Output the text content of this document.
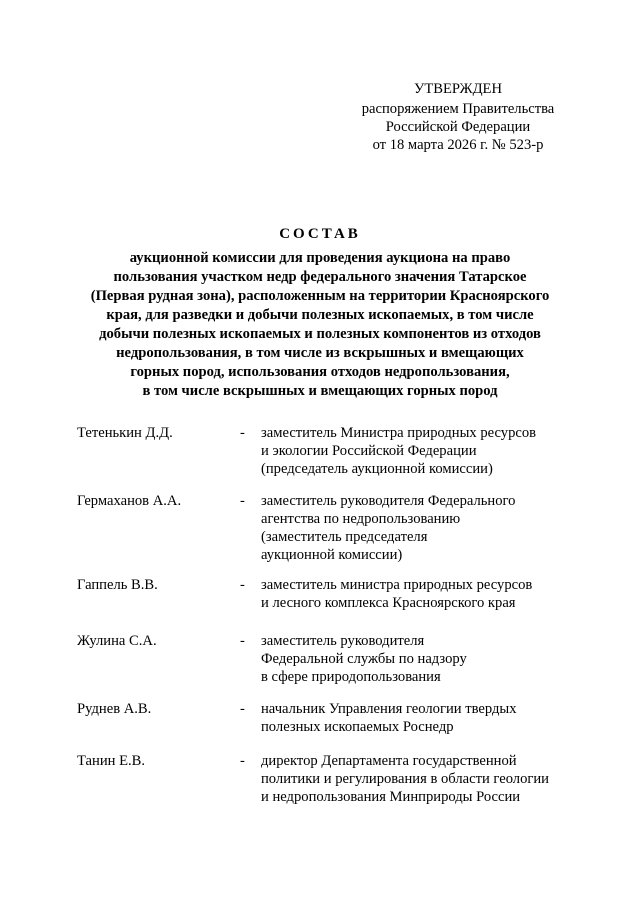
УТВЕРЖДЕН
распоряжением Правительства
Российской Федерации
от 18 марта 2026 г. № 523-р
СОСТАВ
аукционной комиссии для проведения аукциона на право
пользования участком недр федерального значения Татарское
(Первая рудная зона), расположенным на территории Красноярского
края, для разведки и добычи полезных ископаемых, в том числе
добычи полезных ископаемых и полезных компонентов из отходов
недропользования, в том числе из вскрышных и вмещающих
горных пород, использования отходов недропользования,
в том числе вскрышных и вмещающих горных пород
Тетенькин Д.Д.	- заместитель Министра природных ресурсов
и экологии Российской Федерации
(председатель аукционной комиссии)
Гермаханов А.А.	- заместитель руководителя Федерального
агентства по недропользованию
(заместитель председателя
аукционной комиссии)
Гаппель В.В.	- заместитель министра природных ресурсов
и лесного комплекса Красноярского края
Жулина С.А.	- заместитель руководителя
Федеральной службы по надзору
в сфере природопользования
Руднев А.В.	- начальник Управления геологии твердых
полезных ископаемых Роснедр
Танин Е.В.	- директор Департамента государственной
политики и регулирования в области геологии
и недропользования Минприроды России
